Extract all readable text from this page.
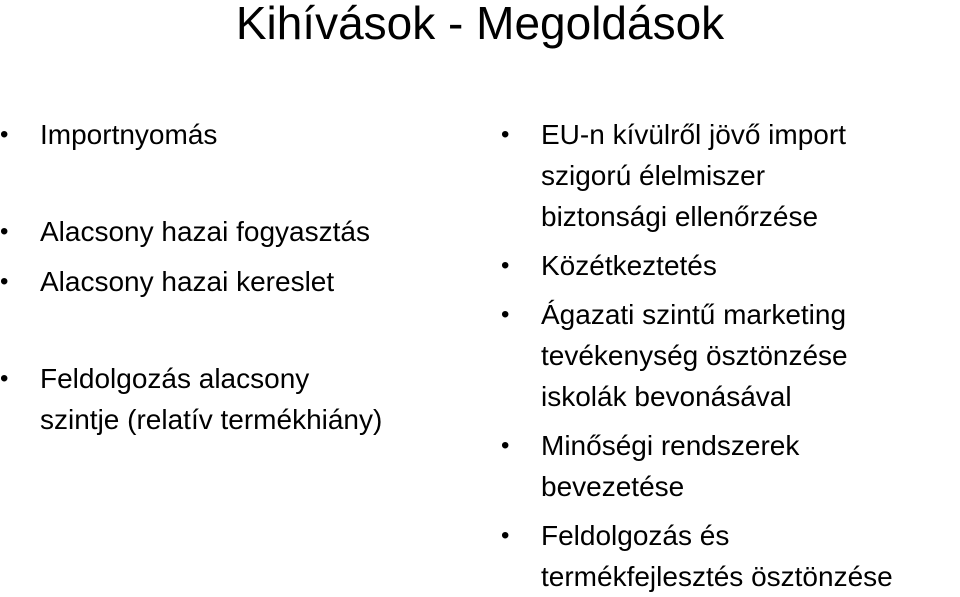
Kihívások - Megoldások
• Importnyomás
• Alacsony hazai fogyasztás
• Alacsony hazai kereslet
• Feldolgozás alacsony
szintje (relatív termékhiány)
• EU-n kívülről jövő import
szigorú élelmiszer
biztonsági ellenőrzése
• Közétkeztetés
• Ágazati szintű marketing
tevékenység ösztönzése
iskolák bevonásával
• Minőségi rendszerek
bevezetése
• Feldolgozás és
termékfejlesztés ösztönzése
